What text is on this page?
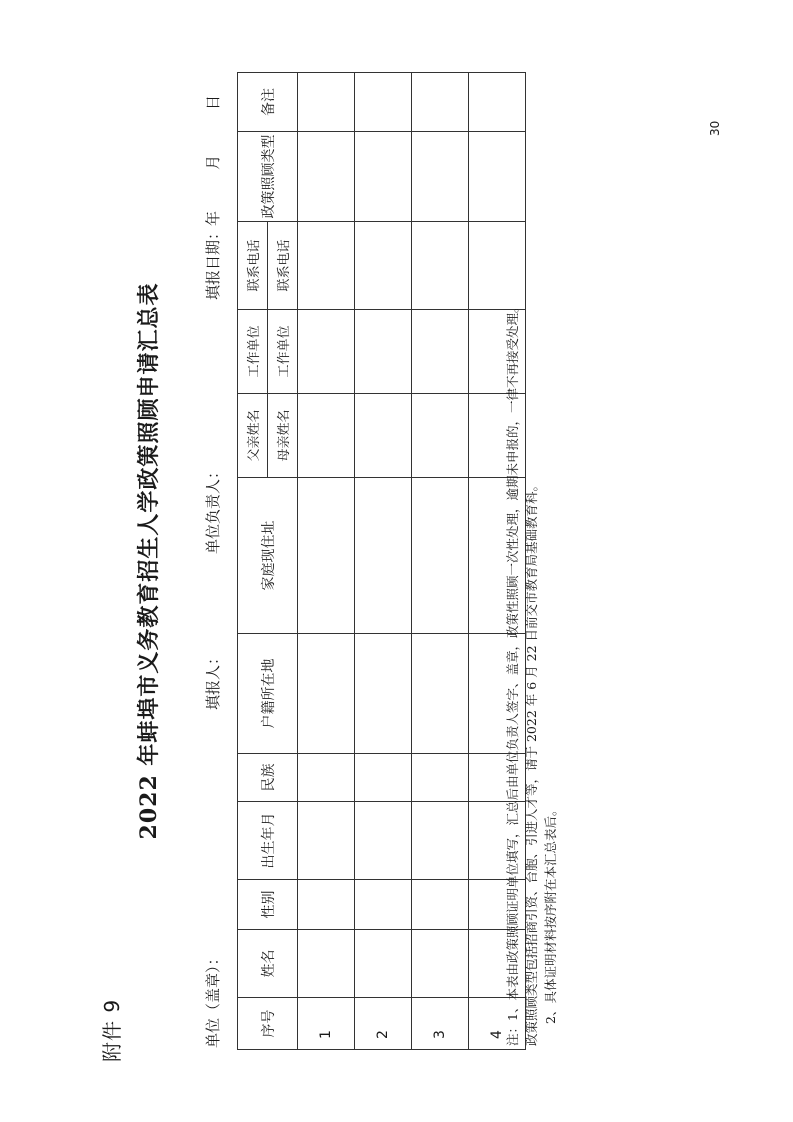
附件 9
2022 年蚌埠市义务教育招生人学政策照顾申请汇总表
30
单位（盖章）：
填报人：
单位负责人：
填报日期：
年
月
日
序号	姓名	性别	出生年月	民族	户籍所在地	家庭现住址	父亲姓名	工作单位	联系电话	政策照顾类型	备注
							母亲姓名	工作单位	联系电话		
1											
2											
3											
4											注：1、本表由政策照顾证明单位填写，汇总后由单位负责人签字、盖章，政策性照顾一次性处理，逾期未申报的，一律不再接受处理。 政策照顾类型包括招商引资、台胞、引进人才等，请于 2022 年 6 月 22 日前交市教育局基础教育科。 2、具体证明材料按序附在本汇总表后。
